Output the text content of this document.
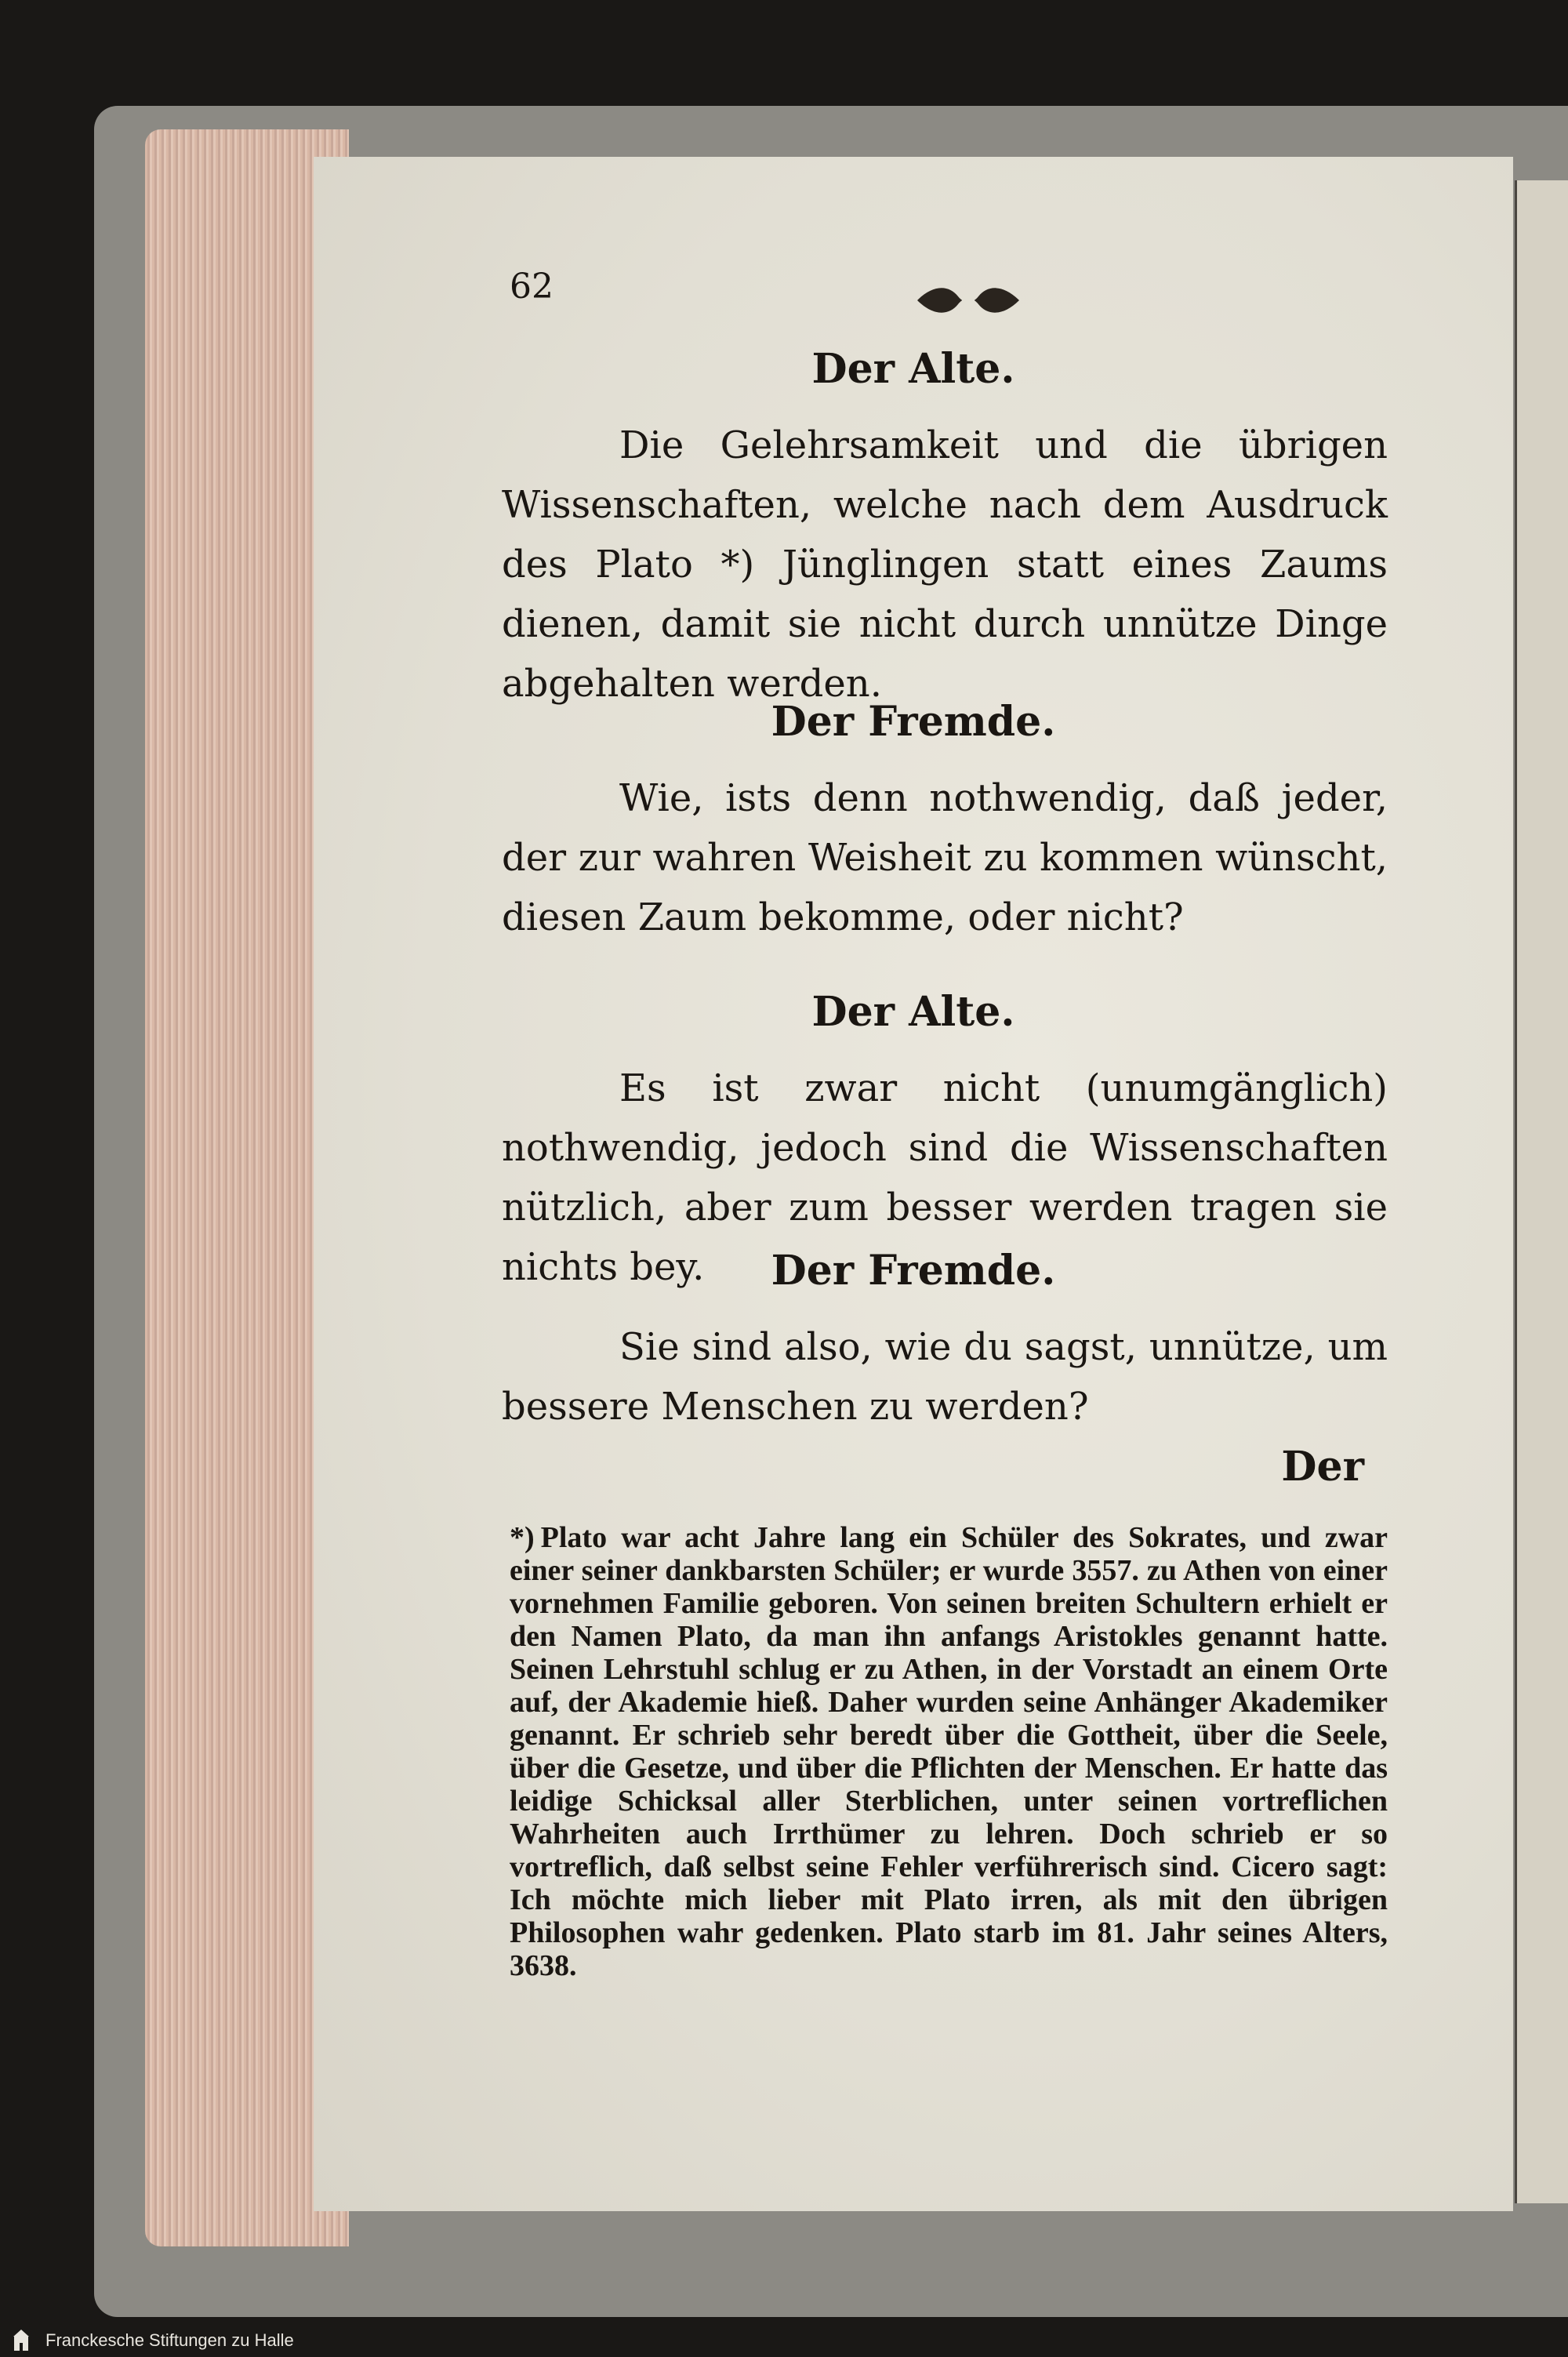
62
Der Alte.
Die Gelehrsamkeit und die übrigen Wissenschaften, welche nach dem Ausdruck des Plato *) Jünglingen statt eines Zaums dienen, damit sie nicht durch unnütze Dinge abgehalten werden.
Der Fremde.
Wie, ists denn nothwendig, daß jeder, der zur wahren Weisheit zu kommen wünscht, diesen Zaum bekomme, oder nicht?
Der Alte.
Es ist zwar nicht (unumgänglich) nothwendig, jedoch sind die Wissenschaften nützlich, aber zum besser werden tragen sie nichts bey.	Der Fremde.
Sie sind also, wie du sagst, unnütze, um bessere Menschen zu werden?
Der
*) Plato war acht Jahre lang ein Schüler des Sokrates, und zwar einer seiner dankbarsten Schüler; er wurde 3557. zu Athen von einer vornehmen Familie geboren. Von seinen breiten Schultern erhielt er den Namen Plato, da man ihn anfangs Aristokles genannt hatte. Seinen Lehrstuhl schlug er zu Athen, in der Vorstadt an einem Orte auf, der Akademie hieß. Daher wurden seine Anhänger Akademiker genannt. Er schrieb sehr beredt über die Gottheit, über die Seele, über die Gesetze, und über die Pflichten der Menschen. Er hatte das leidige Schicksal aller Sterblichen, unter seinen vortreflichen Wahrheiten auch Irrthümer zu lehren. Doch schrieb er so vortreflich, daß selbst seine Fehler verführerisch sind. Cicero sagt: Ich möchte mich lieber mit Plato irren, als mit den übrigen Philosophen wahr gedenken. Plato starb im 81. Jahr seines Alters, 3638.
Franckesche Stiftungen zu Halle
